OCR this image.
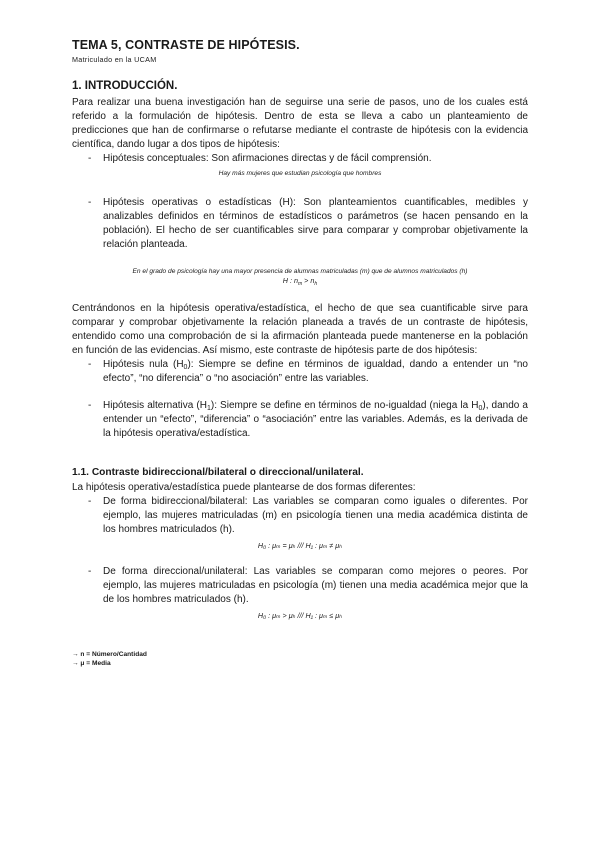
TEMA 5, CONTRASTE DE HIPÓTESIS.
Matriculado en la UCAM
1. INTRODUCCIÓN.

Para realizar una buena investigación han de seguirse una serie de pasos, uno de los cuales está referido a la formulación de hipótesis. Dentro de esta se lleva a cabo un planteamiento de predicciones que han de confirmarse o refutarse mediante el contraste de hipótesis con la evidencia científica, dando lugar a dos tipos de hipótesis:

- Hipótesis conceptuales: Son afirmaciones directas y de fácil comprensión.
Hay más mujeres que estudian psicología que hombres
- Hipótesis operativas o estadísticas (H): Son planteamientos cuantificables, medibles y analizables definidos en términos de estadísticos o parámetros (se hacen pensando en la población). El hecho de ser cuantificables sirve para comparar y comprobar objetivamente la relación planteada.
En el grado de psicología hay una mayor presencia de alumnas matriculadas (m) que de alumnos matriculados (h)
H : $n_m > n_h$

Centrándonos en la hipótesis operativa/estadística, el hecho de que sea cuantificable sirve para comparar y comprobar objetivamente la relación planeada a través de un contraste de hipótesis, entendido como una comprobación de si la afirmación planteada puede mantenerse en la población en función de las evidencias. Así mismo, este contraste de hipótesis parte de dos hipótesis:

- Hipótesis nula $(H_0)$: Siempre se define en términos de igualdad, dando a entender un “no efecto”, “no diferencia” o “no asociación” entre las variables.
- Hipótesis alternativa $(H_1)$: Siempre se define en términos de no-igualdad (niega la $H_0$), dando a entender un “efecto”, “diferencia” o “asociación” entre las variables. Además, es la derivada de la hipótesis operativa/estadística.
1.1. Contraste bidireccional/bilateral o direccional/unilateral.

La hipótesis operativa/estadística puede plantearse de dos formas diferentes:

- De forma bidireccional/bilateral: Las variables se comparan como iguales o diferentes. Por ejemplo, las mujeres matriculadas (m) en psicología tienen una media académica distinta de los hombres matriculados (h).
H₀ : μₘ = μₕ /// H₁ : μₘ ≠ μₕ
- De forma direccional/unilateral: Las variables se comparan como mejores o peores. Por ejemplo, las mujeres matriculadas en psicología (m) tienen una media académica mejor que la de los hombres matriculados (h).
H₀ : μₘ > μₕ /// H₁ : μₘ ≤ μₕ
→ n = Número/Cantidad
→ μ = Media
